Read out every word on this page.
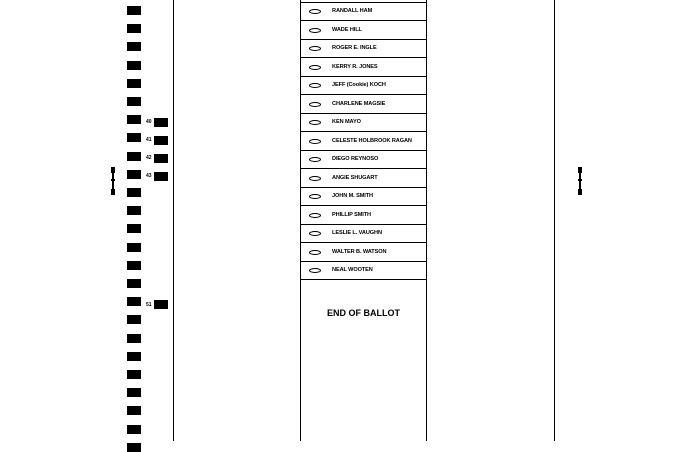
40
41
42
43
51
RANDALL HAM
WADE HILL
ROGER E. INGLE
KERRY R. JONES
JEFF (Cookie) KOCH
CHARLENE MAGSIE
KEN MAYO
CELESTE HOLBROOK RAGAN
DIEGO REYNOSO
ANGIE SHUGART
JOHN M. SMITH
PHILLIP SMITH
LESLIE L. VAUGHN
WALTER B. WATSON
NEAL WOOTEN
END OF BALLOT
